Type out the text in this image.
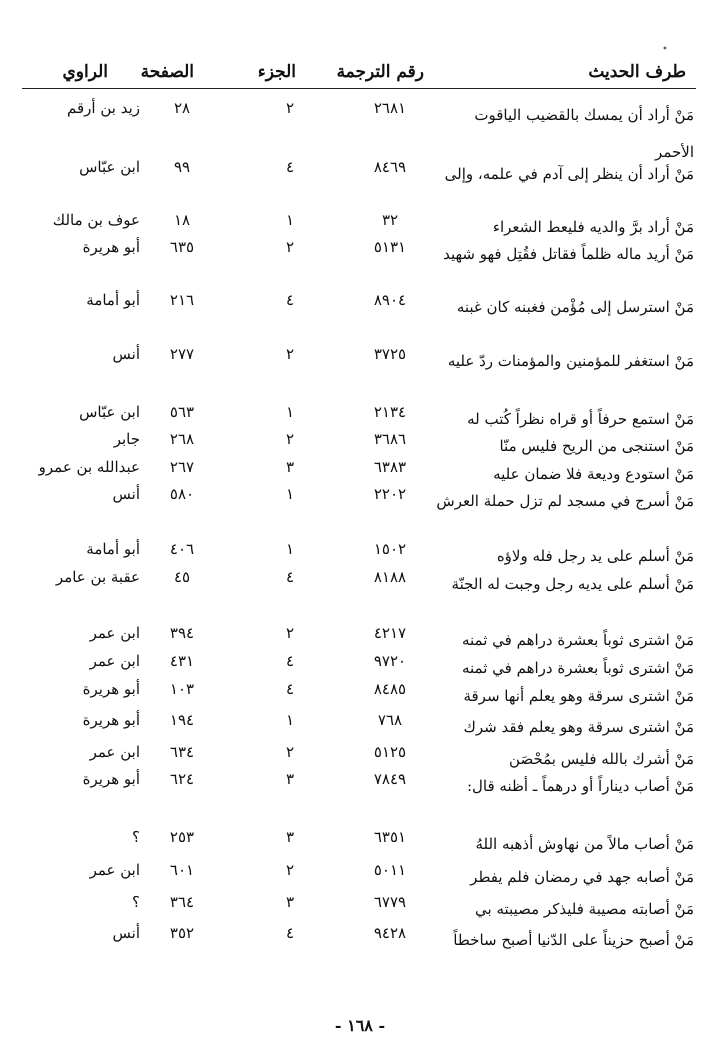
•
طرف الحديث
رقم الترجمة
الجزء
الصفحة
الراوي
مَنْ أراد أن يمسك بالقضيب الياقوت الأحمر
٢٦٨١
٢
٢٨
زيد بن أرقم
مَنْ أراد أن ينظر إلى آدم في علمه، وإلى
٨٤٦٩
٤
٩٩
ابن عبّاس
مَنْ أراد برَّ والديه فليعط الشعراء
٣٢
١
١٨
عوف بن مالك
مَنْ أريد ماله ظلماً فقاتل فقُتِل فهو شهيد
٥١٣١
٢
٦٣٥
أبو هريرة
مَنْ استرسل إلى مُؤْمن فغبنه كان غبنه
٨٩٠٤
٤
٢١٦
أبو أمامة
مَنْ استغفر للمؤمنين والمؤمنات ردّ عليه
٣٧٢٥
٢
٢٧٧
أنس
مَنْ استمع حرفاً أو قراه نظراً كُتب له
٢١٣٤
١
٥٦٣
ابن عبّاس
مَنْ استنجى من الريح فليس منّا
٣٦٨٦
٢
٢٦٨
جابر
مَنْ استودع وديعة فلا ضمان عليه
٦٣٨٣
٣
٢٦٧
عبدالله بن عمرو
مَنْ أسرج في مسجد لم تزل حملة العرش
٢٢٠٢
١
٥٨٠
أنس
مَنْ أسلم على يد رجل فله ولاؤه
١٥٠٢
١
٤٠٦
أبو أمامة
مَنْ أسلم على يديه رجل وجبت له الجنّة
٨١٨٨
٤
٤٥
عقبة بن عامر
مَنْ اشترى ثوباً بعشرة دراهم في ثمنه
٤٢١٧
٢
٣٩٤
ابن عمر
مَنْ اشترى ثوباً بعشرة دراهم في ثمنه
٩٧٢٠
٤
٤٣١
ابن عمر
مَنْ اشترى سرقة وهو يعلم أنها سرقة
٨٤٨٥
٤
١٠٣
أبو هريرة
مَنْ اشترى سرقة وهو يعلم فقد شرك
٧٦٨
١
١٩٤
أبو هريرة
مَنْ أشرك بالله فليس بمُحْصَن
٥١٢٥
٢
٦٣٤
ابن عمر
مَنْ أصاب ديناراً أو درهماً ـ أظنه قال:
٧٨٤٩
٣
٦٢٤
أبو هريرة
مَنْ أصاب مالاً من نهاوش أذهبه اللهُ
٦٣٥١
٣
٢٥٣
؟
مَنْ أصابه جهد في رمضان فلم يفطر
٥٠١١
٢
٦٠١
ابن عمر
مَنْ أصابته مصيبة فليذكر مصيبته بي
٦٧٧٩
٣
٣٦٤
؟
مَنْ أصبح حزيناً على الدّنيا أصبح ساخطاً
٩٤٢٨
٤
٣٥٢
أنس
- ١٦٨ -
